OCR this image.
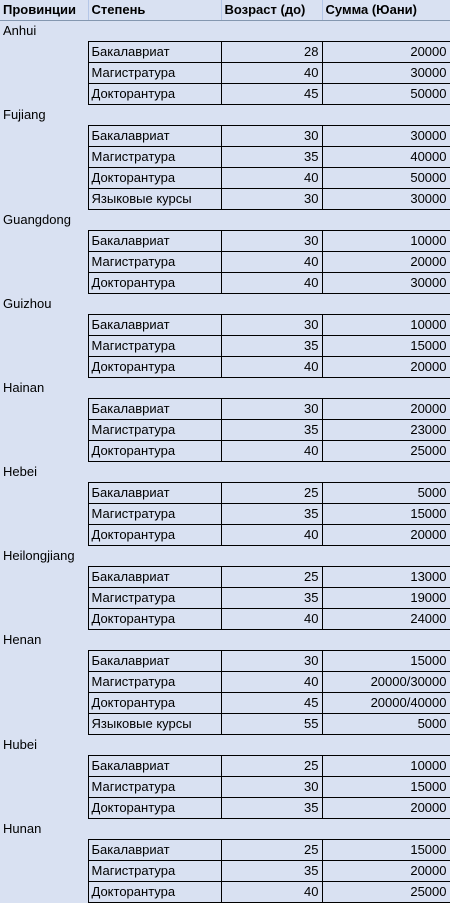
Провинции	Степень	Возраст (до)	Сумма (Юани)
Anhui			
	Бакалавриат	28	20000
	Магистратура	40	30000
	Докторантура	45	50000
Fujiang			
	Бакалавриат	30	30000
	Магистратура	35	40000
	Докторантура	40	50000
	Языковые курсы	30	30000
Guangdong			
	Бакалавриат	30	10000
	Магистратура	40	20000
	Докторантура	40	30000
Guizhou			
	Бакалавриат	30	10000
	Магистратура	35	15000
	Докторантура	40	20000
Hainan			
	Бакалавриат	30	20000
	Магистратура	35	23000
	Докторантура	40	25000
Hebei			
	Бакалавриат	25	5000
	Магистратура	35	15000
	Докторантура	40	20000
Heilongjiang			
	Бакалавриат	25	13000
	Магистратура	35	19000
	Докторантура	40	24000
Henan			
	Бакалавриат	30	15000
	Магистратура	40	20000/30000
	Докторантура	45	20000/40000
	Языковые курсы	55	5000
Hubei			
	Бакалавриат	25	10000
	Магистратура	30	15000
	Докторантура	35	20000
Hunan			
	Бакалавриат	25	15000
	Магистратура	35	20000
	Докторантура	40	25000
